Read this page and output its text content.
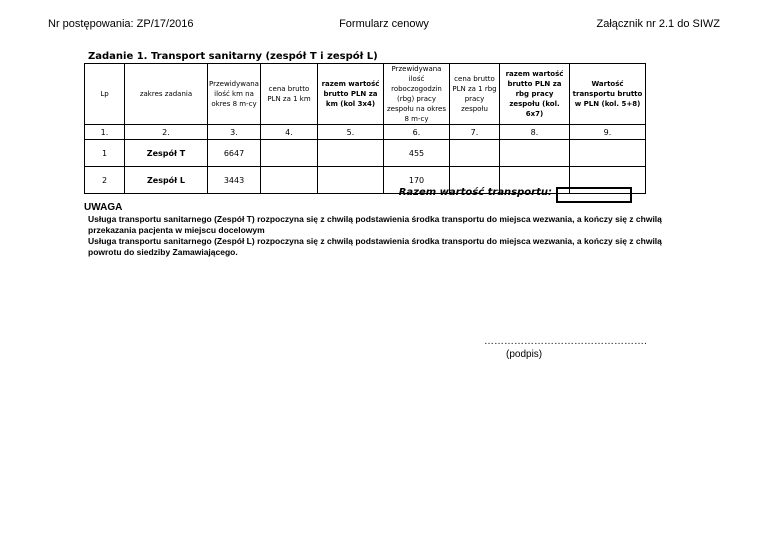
Nr postępowania: ZP/17/2016	Formularz cenowy	Załącznik nr 2.1 do SIWZ
Zadanie 1. Transport sanitarny (zespół T i zespół L)
Lp	zakres zadania	Przewidywana ilość km na okres 8 m-cy	cena brutto PLN za 1 km	razem wartość brutto PLN za km (kol 3x4)	Przewidywana ilość roboczogodzin (rbg) pracy zespołu na okres 8 m-cy	cena brutto PLN za 1 rbg pracy zespołu	razem wartość brutto PLN za rbg pracy zespołu (kol. 6x7)	Wartość transportu brutto w PLN (kol. 5+8)
1.	2.	3.	4.	5.	6.	7.	8.	9.
1	Zespół T	6647			455			
2	Zespół L	3443			170			
Razem wartość transportu:
UWAGA
Usługa transportu sanitarnego (Zespół T) rozpoczyna się z chwilą podstawienia środka transportu do miejsca wezwania, a kończy się z chwilą przekazania pacjenta w miejscu docelowym
Usługa transportu sanitarnego (Zespół L) rozpoczyna się z chwilą podstawienia środka transportu do miejsca wezwania, a kończy się z chwilą powrotu do siedziby Zamawiającego.
………………………………………….
(podpis)
